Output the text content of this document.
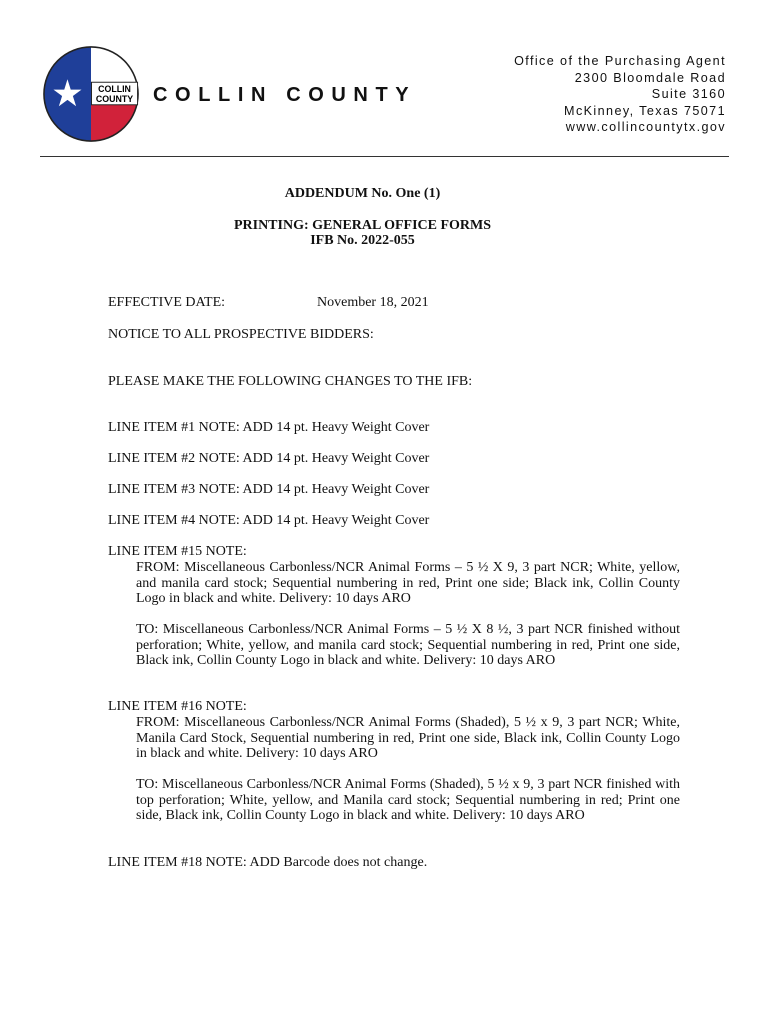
COLLIN
COUNTY COLLIN COUNTY
Office of the Purchasing Agent
2300 Bloomdale Road
Suite 3160
McKinney, Texas 75071
www.collincountytx.gov
ADDENDUM No. One (1)
PRINTING: GENERAL OFFICE FORMS
IFB No. 2022-055
EFFECTIVE DATE:	November 18, 2021
NOTICE TO ALL PROSPECTIVE BIDDERS:
PLEASE MAKE THE FOLLOWING CHANGES TO THE IFB:
LINE ITEM #1 NOTE: ADD 14 pt. Heavy Weight Cover
LINE ITEM #2 NOTE: ADD 14 pt. Heavy Weight Cover
LINE ITEM #3 NOTE: ADD 14 pt. Heavy Weight Cover
LINE ITEM #4 NOTE: ADD 14 pt. Heavy Weight Cover
LINE ITEM #15 NOTE:
FROM: Miscellaneous Carbonless/NCR Animal Forms – 5 ½ X 9, 3 part NCR; White, yellow, and manila card stock; Sequential numbering in red, Print one side; Black ink, Collin County Logo in black and white. Delivery: 10 days ARO
TO: Miscellaneous Carbonless/NCR Animal Forms – 5 ½ X 8 ½, 3 part NCR finished without perforation; White, yellow, and manila card stock; Sequential numbering in red, Print one side, Black ink, Collin County Logo in black and white. Delivery: 10 days ARO
LINE ITEM #16 NOTE:
FROM: Miscellaneous Carbonless/NCR Animal Forms (Shaded), 5 ½ x 9, 3 part NCR; White, Manila Card Stock, Sequential numbering in red, Print one side, Black ink, Collin County Logo in black and white. Delivery: 10 days ARO
TO: Miscellaneous Carbonless/NCR Animal Forms (Shaded), 5 ½ x 9, 3 part NCR finished with top perforation; White, yellow, and Manila card stock; Sequential numbering in red; Print one side, Black ink, Collin County Logo in black and white. Delivery: 10 days ARO
LINE ITEM #18 NOTE: ADD Barcode does not change.
